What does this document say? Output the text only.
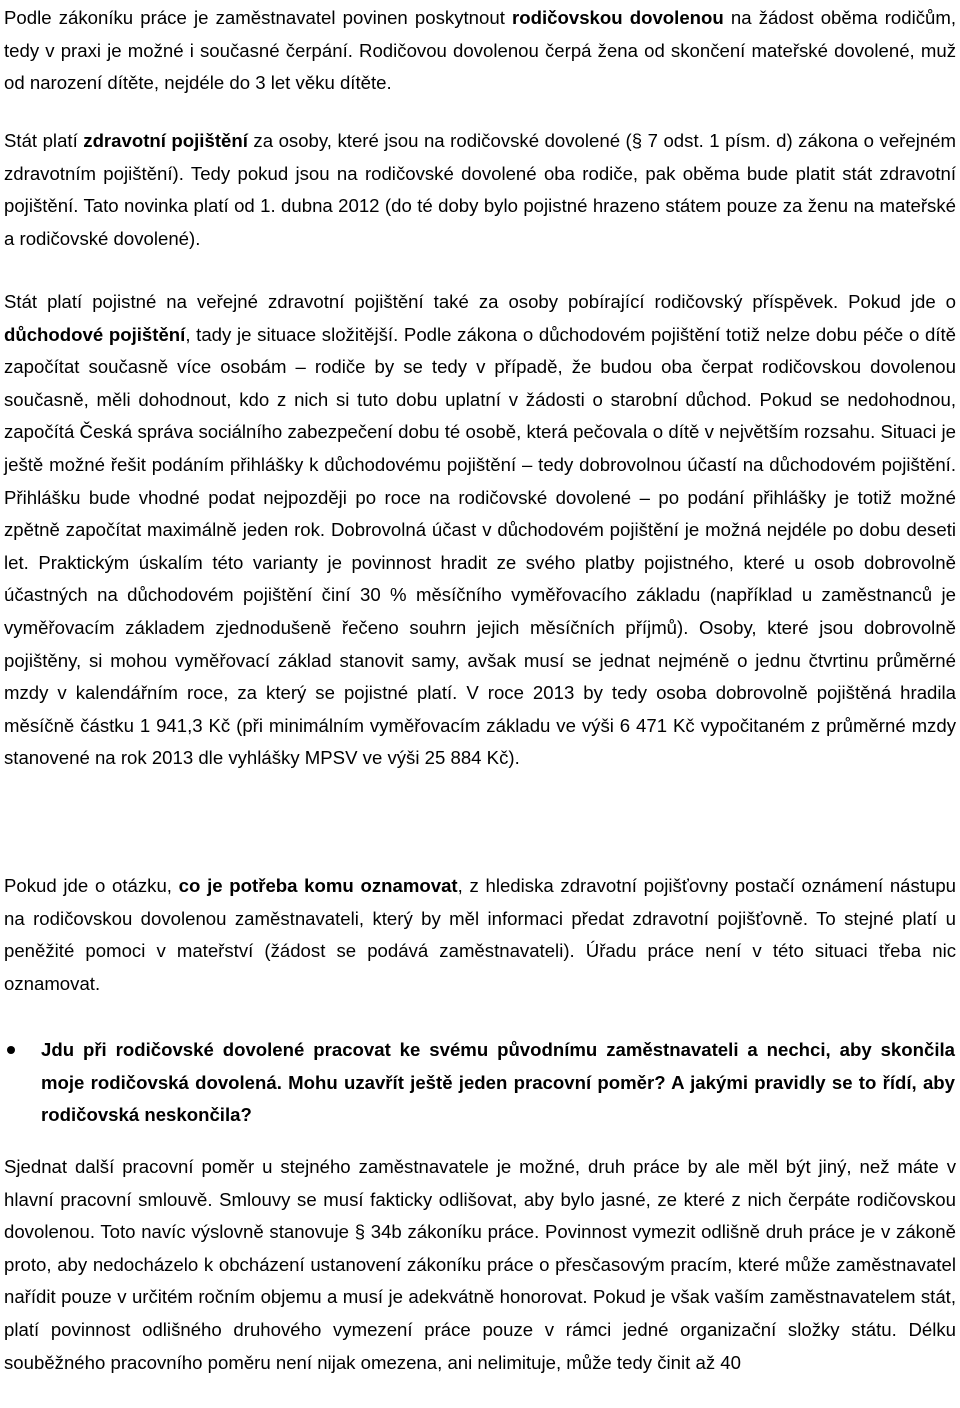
Podle zákoníku práce je zaměstnavatel povinen poskytnout rodičovskou dovolenou na žádost oběma rodičům, tedy v praxi je možné i současné čerpání. Rodičovou dovolenou čerpá žena od skončení mateřské dovolené, muž od narození dítěte, nejdéle do 3 let věku dítěte.

Stát platí zdravotní pojištění za osoby, které jsou na rodičovské dovolené (§ 7 odst. 1 písm. d) zákona o veřejném zdravotním pojištění). Tedy pokud jsou na rodičovské dovolené oba rodiče, pak oběma bude platit stát zdravotní pojištění. Tato novinka platí od 1. dubna 2012 (do té doby bylo pojistné hrazeno státem pouze za ženu na mateřské a rodičovské dovolené).

Stát platí pojistné na veřejné zdravotní pojištění také za osoby pobírající rodičovský příspěvek. Pokud jde o důchodové pojištění, tady je situace složitější. Podle zákona o důchodovém pojištění totiž nelze dobu péče o dítě započítat současně více osobám – rodiče by se tedy v případě, že budou oba čerpat rodičovskou dovolenou současně, měli dohodnout, kdo z nich si tuto dobu uplatní v žádosti o starobní důchod. Pokud se nedohodnou, započítá Česká správa sociálního zabezpečení dobu té osobě, která pečovala o dítě v největším rozsahu. Situaci je ještě možné řešit podáním přihlášky k důchodovému pojištění – tedy dobrovolnou účastí na důchodovém pojištění. Přihlášku bude vhodné podat nejpozději po roce na rodičovské dovolené – po podání přihlášky je totiž možné zpětně započítat maximálně jeden rok. Dobrovolná účast v důchodovém pojištění je možná nejdéle po dobu deseti let. Praktickým úskalím této varianty je povinnost hradit ze svého platby pojistného, které u osob dobrovolně účastných na důchodovém pojištění činí 30 % měsíčního vyměřovacího základu (například u zaměstnanců je vyměřovacím základem zjednodušeně řečeno souhrn jejich měsíčních příjmů). Osoby, které jsou dobrovolně pojištěny, si mohou vyměřovací základ stanovit samy, avšak musí se jednat nejméně o jednu čtvrtinu průměrné mzdy v kalendářním roce, za který se pojistné platí. V roce 2013 by tedy osoba dobrovolně pojištěná hradila měsíčně částku 1 941,3 Kč (při minimálním vyměřovacím základu ve výši 6 471 Kč vypočitaném z průměrné mzdy stanovené na rok 2013 dle vyhlášky MPSV ve výši 25 884 Kč).

Pokud jde o otázku, co je potřeba komu oznamovat, z hlediska zdravotní pojišťovny postačí oznámení nástupu na rodičovskou dovolenou zaměstnavateli, který by měl informaci předat zdravotní pojišťovně. To stejné platí u peněžité pomoci v mateřství (žádost se podává zaměstnavateli). Úřadu práce není v této situaci třeba nic oznamovat.

Jdu při rodičovské dovolené pracovat ke svému původnímu zaměstnavateli a nechci, aby skončila moje rodičovská dovolená. Mohu uzavřít ještě jeden pracovní poměr? A jakými pravidly se to řídí, aby rodičovská neskončila?

Sjednat další pracovní poměr u stejného zaměstnavatele je možné, druh práce by ale měl být jiný, než máte v hlavní pracovní smlouvě. Smlouvy se musí fakticky odlišovat, aby bylo jasné, ze které z nich čerpáte rodičovskou dovolenou. Toto navíc výslovně stanovuje § 34b zákoníku práce. Povinnost vymezit odlišně druh práce je v zákoně proto, aby nedocházelo k obcházení ustanovení zákoníku práce o přesčasovým pracím, které může zaměstnavatel nařídit pouze v určitém ročním objemu a musí je adekvátně honorovat. Pokud je však vaším zaměstnavatelem stát, platí povinnost odlišného druhového vymezení práce pouze v rámci jedné organizační složky státu. Délku souběžného pracovního poměru není nijak omezena, ani nelimituje, může tedy činit až 40
